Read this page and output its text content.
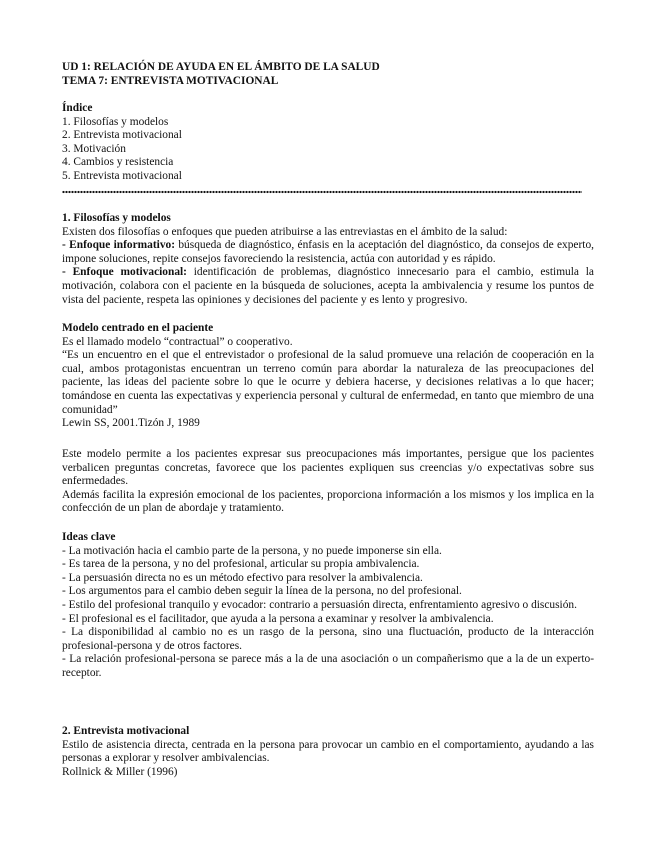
UD 1: RELACIÓN DE AYUDA EN EL ÁMBITO DE LA SALUD
TEMA 7: ENTREVISTA MOTIVACIONAL
Índice
1. Filosofías y modelos
2. Entrevista motivacional
3. Motivación
4. Cambios y resistencia
5. Entrevista motivacional
1. Filosofías y modelos

Existen dos filosofías o enfoques que pueden atribuirse a las entreviastas en el ámbito de la salud:

- Enfoque informativo: búsqueda de diagnóstico, énfasis en la aceptación del diagnóstico, da consejos de experto, impone soluciones, repite consejos favoreciendo la resistencia, actúa con autoridad y es rápido.

- Enfoque motivacional: identificación de problemas, diagnóstico innecesario para el cambio, estimula la motivación, colabora con el paciente en la búsqueda de soluciones, acepta la ambivalencia y resume los puntos de vista del paciente, respeta las opiniones y decisiones del paciente y es lento y progresivo.

Modelo centrado en el paciente

Es el llamado modelo “contractual” o cooperativo.

“Es un encuentro en el que el entrevistador o profesional de la salud promueve una relación de cooperación en la cual, ambos protagonistas encuentran un terreno común para abordar la naturaleza de las preocupaciones del paciente, las ideas del paciente sobre lo que le ocurre y debiera hacerse, y decisiones relativas a lo que hacer; tomándose en cuenta las expectativas y experiencia personal y cultural de enfermedad, en tanto que miembro de una comunidad”

Lewin SS, 2001.Tizón J, 1989

Este modelo permite a los pacientes expresar sus preocupaciones más importantes, persigue que los pacientes verbalicen preguntas concretas, favorece que los pacientes expliquen sus creencias y/o expectativas sobre sus enfermedades.

Además facilita la expresión emocional de los pacientes, proporciona información a los mismos y los implica en la confección de un plan de abordaje y tratamiento.

Ideas clave

- La motivación hacia el cambio parte de la persona, y no puede imponerse sin ella.

- Es tarea de la persona, y no del profesional, articular su propia ambivalencia.

- La persuasión directa no es un método efectivo para resolver la ambivalencia.

- Los argumentos para el cambio deben seguir la línea de la persona, no del profesional.

- Estilo del profesional tranquilo y evocador: contrario a persuasión directa, enfrentamiento agresivo o discusión.

- El profesional es el facilitador, que ayuda a la persona a examinar y resolver la ambivalencia.

- La disponibilidad al cambio no es un rasgo de la persona, sino una fluctuación, producto de la interacción profesional-persona y de otros factores.

- La relación profesional-persona se parece más a la de una asociación o un compañerismo que a la de un experto-receptor.

2. Entrevista motivacional

Estilo de asistencia directa, centrada en la persona para provocar un cambio en el comportamiento, ayudando a las personas a explorar y resolver ambivalencias.

Rollnick & Miller (1996)
